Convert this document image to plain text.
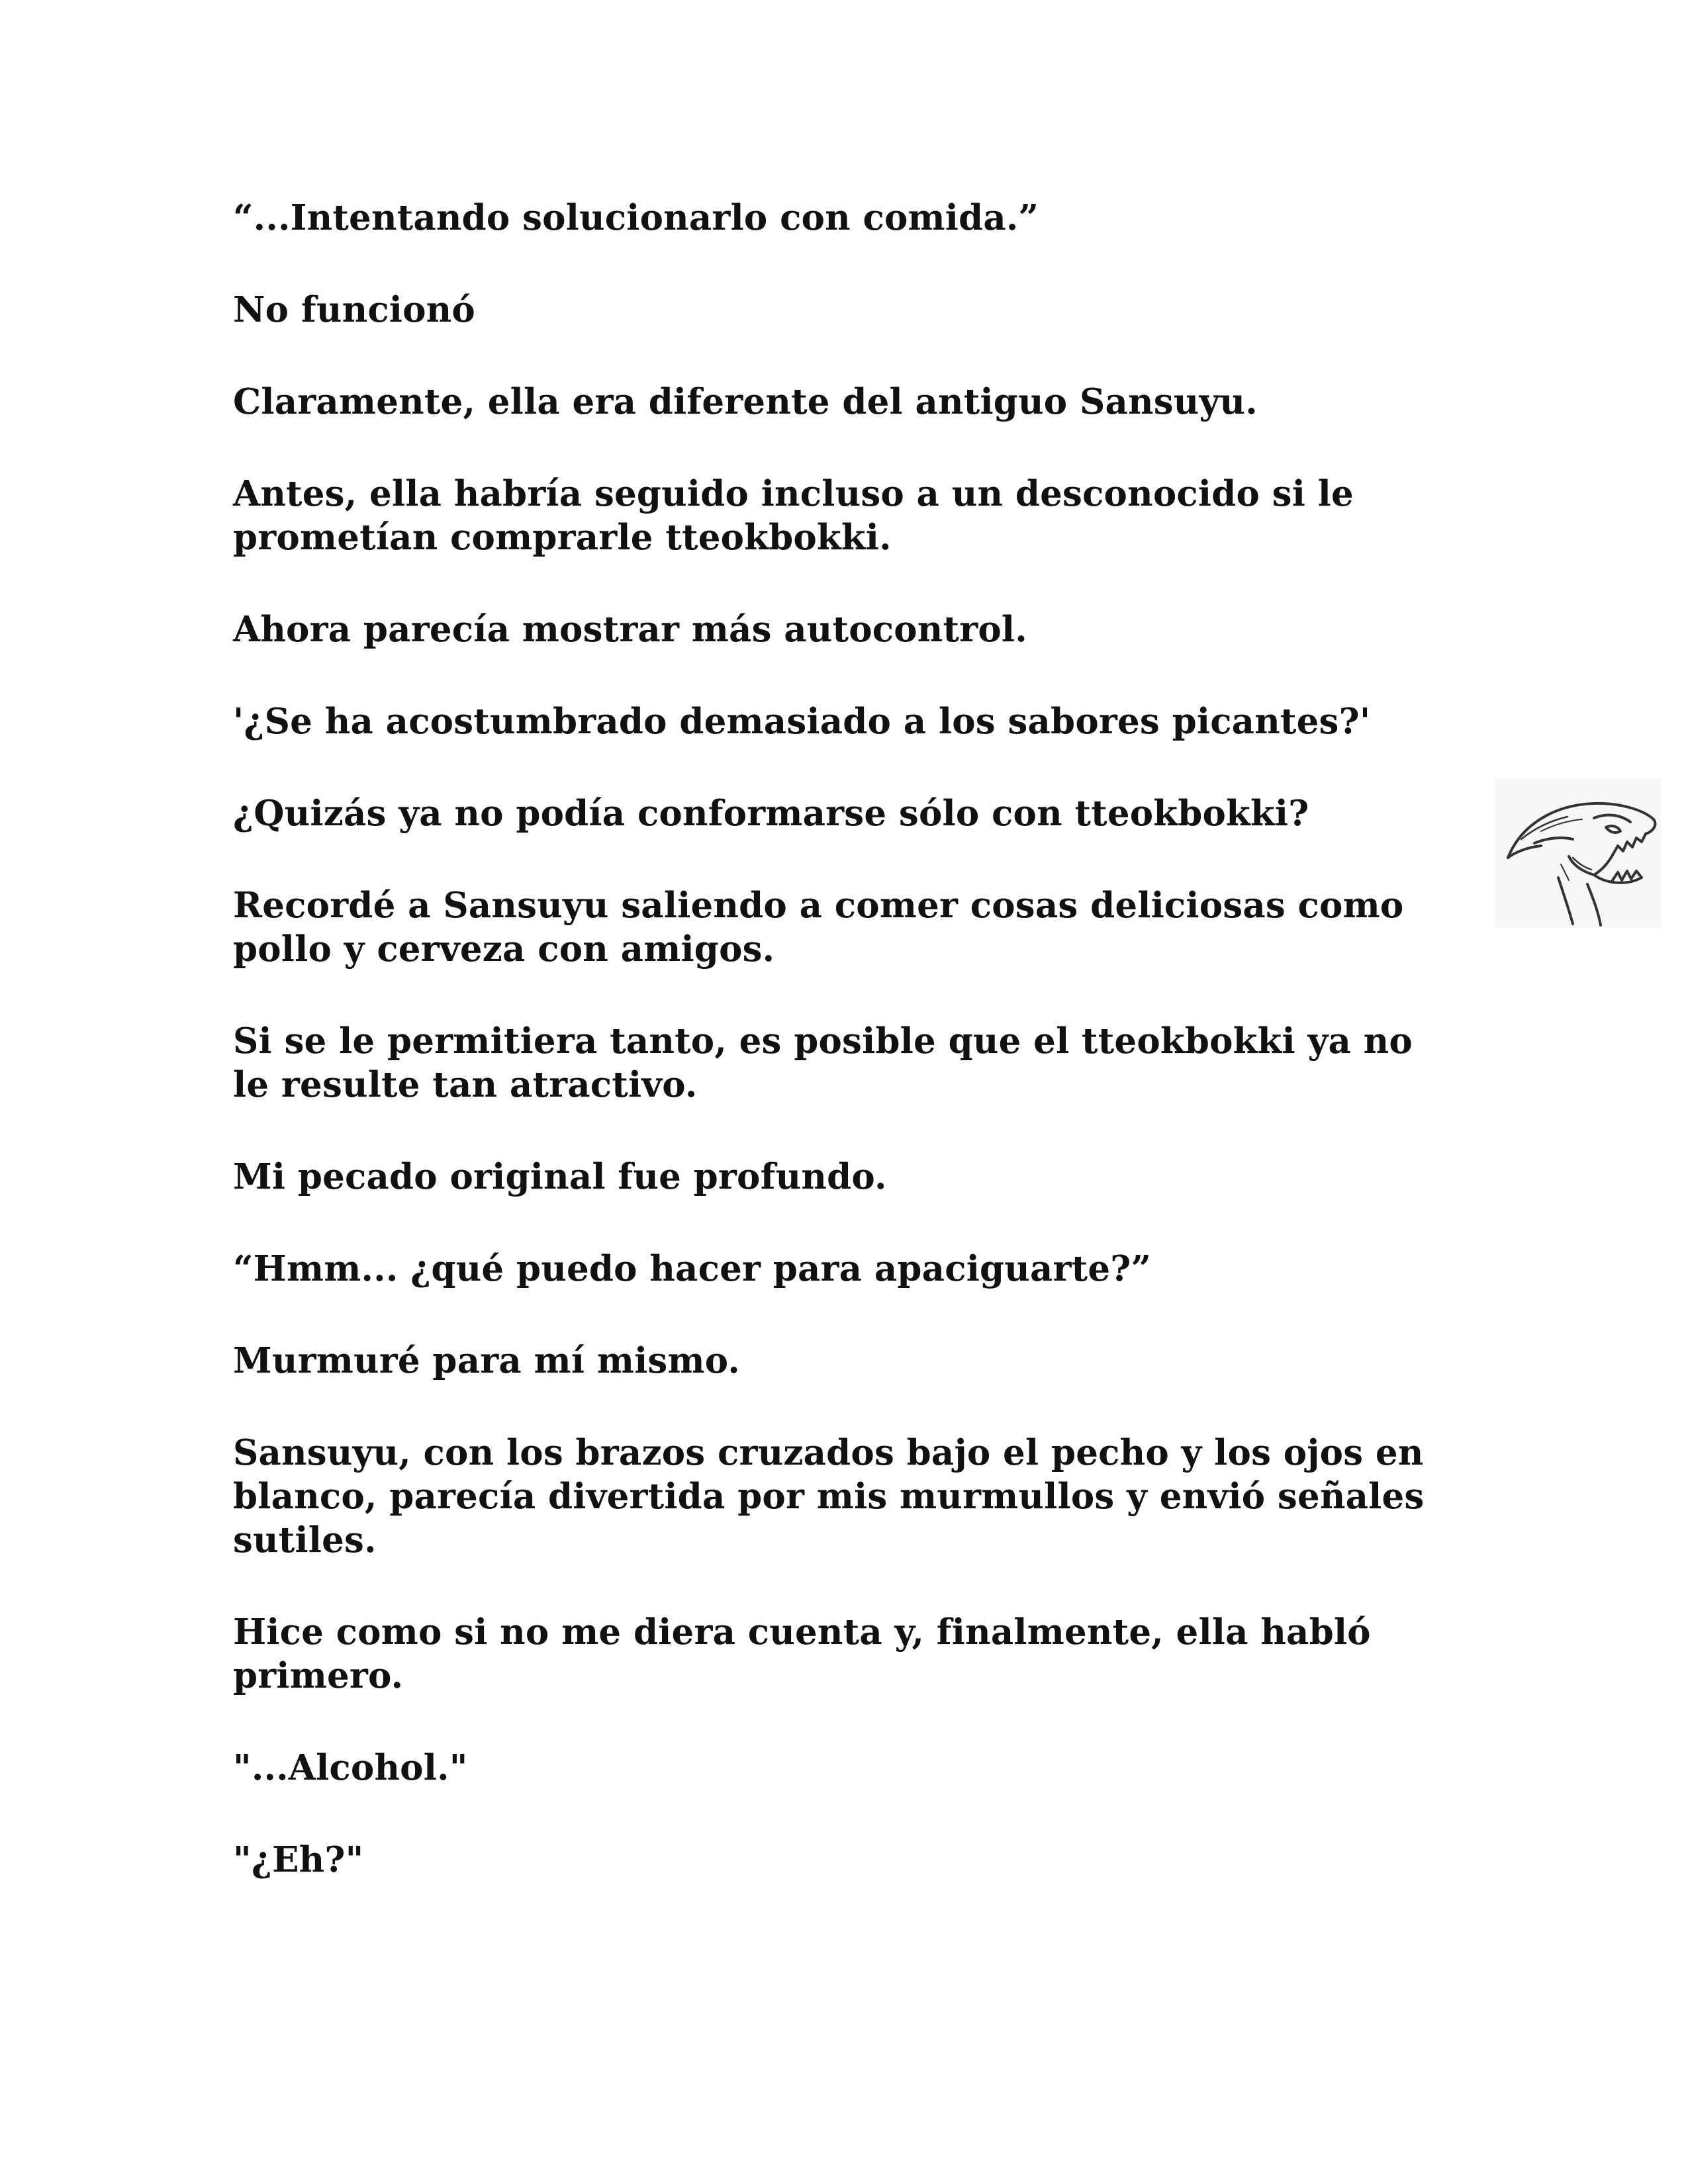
“...Intentando solucionarlo con comida.”

No funcionó

Claramente, ella era diferente del antiguo Sansuyu.

Antes, ella habría seguido incluso a un desconocido si le prometían comprarle tteokbokki.

Ahora parecía mostrar más autocontrol.

'¿Se ha acostumbrado demasiado a los sabores picantes?'

¿Quizás ya no podía conformarse sólo con tteokbokki?

Recordé a Sansuyu saliendo a comer cosas deliciosas como pollo y cerveza con amigos.

Si se le permitiera tanto, es posible que el tteokbokki ya no le resulte tan atractivo.

Mi pecado original fue profundo.

“Hmm... ¿qué puedo hacer para apaciguarte?”

Murmuré para mí mismo.

Sansuyu, con los brazos cruzados bajo el pecho y los ojos en blanco, parecía divertida por mis murmullos y envió señales sutiles.

Hice como si no me diera cuenta y, finalmente, ella habló primero.

"...Alcohol."

"¿Eh?"
